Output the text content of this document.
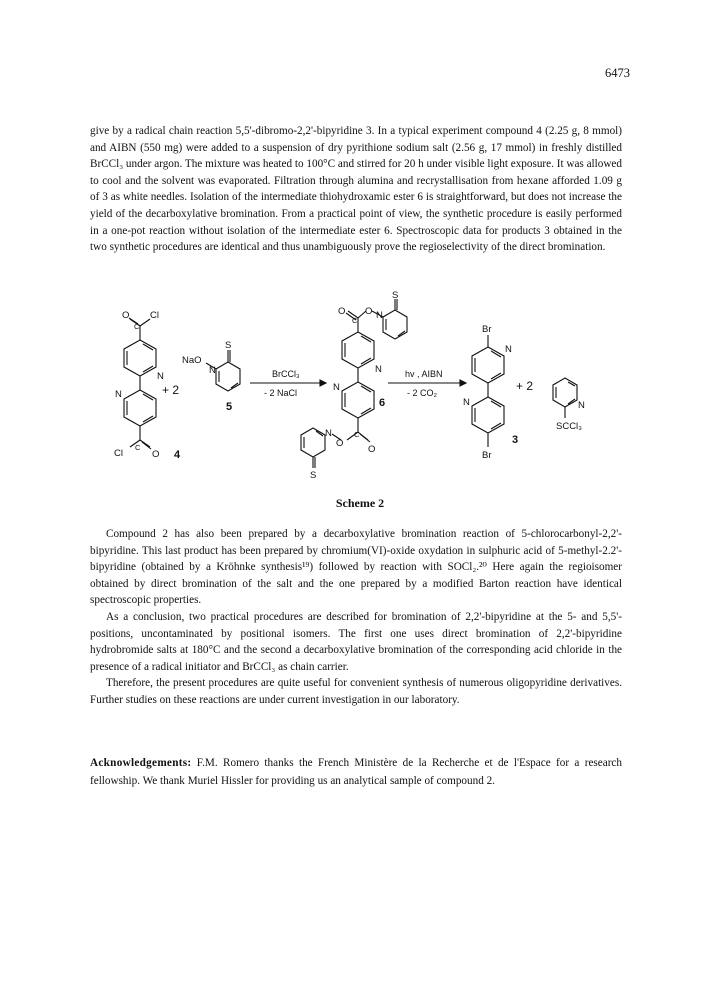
6473

give by a radical chain reaction 5,5'-dibromo-2,2'-bipyridine 3. In a typical experiment compound 4 (2.25 g, 8 mmol) and AIBN (550 mg) were added to a suspension of dry pyrithione sodium salt (2.56 g, 17 mmol) in freshly distilled BrCCl₃ under argon. The mixture was heated to 100°C and stirred for 20 h under visible light exposure. It was allowed to cool and the solvent was evaporated. Filtration through alumina and recrystallisation from hexane afforded 1.09 g of 3 as white needles. Isolation of the intermediate thiohydroxamic ester 6 is straightforward, but does not increase the yield of the decarboxylative bromination. From a practical point of view, the synthetic procedure is easily performed in a one-pot reaction without isolation of the intermediate ester 6. Spectroscopic data for products 3 obtained in the two synthetic procedures are identical and thus unambiguously prove the regioselectivity of the direct bromination.

O
C
Cl
N
N
Cl
C
O 4
+ 2
S
NaO
N
5
BrCCl₃
- 2 NaCl
S
O
C
O N
N
N
N
O
C
O
S
6
hv , AIBN
- 2 CO₂
Br
N
N
Br
3
+ 2
N
SCCl₃
Scheme 2

Compound 2 has also been prepared by a decarboxylative bromination reaction of 5-chlorocarbonyl-2,2'-bipyridine. This last product has been prepared by chromium(VI)-oxide oxydation in sulphuric acid of 5-methyl-2.2'-bipyridine (obtained by a Kröhnke synthesis¹⁹) followed by reaction with SOCl₂.²⁰ Here again the regioisomer obtained by direct bromination of the salt and the one prepared by a modified Barton reaction have identical spectroscopic properties.

As a conclusion, two practical procedures are described for bromination of 2,2'-bipyridine at the 5- and 5,5'-positions, uncontaminated by positional isomers. The first one uses direct bromination of 2,2'-bipyridine hydrobromide salts at 180°C and the second a decarboxylative bromination of the corresponding acid chloride in the presence of a radical initiator and BrCCl₃ as chain carrier.

Therefore, the present procedures are quite useful for convenient synthesis of numerous oligopyridine derivatives. Further studies on these reactions are under current investigation in our laboratory.

Acknowledgements: F.M. Romero thanks the French Ministère de la Recherche et de l'Espace for a research fellowship. We thank Muriel Hissler for providing us an analytical sample of compound 2.
